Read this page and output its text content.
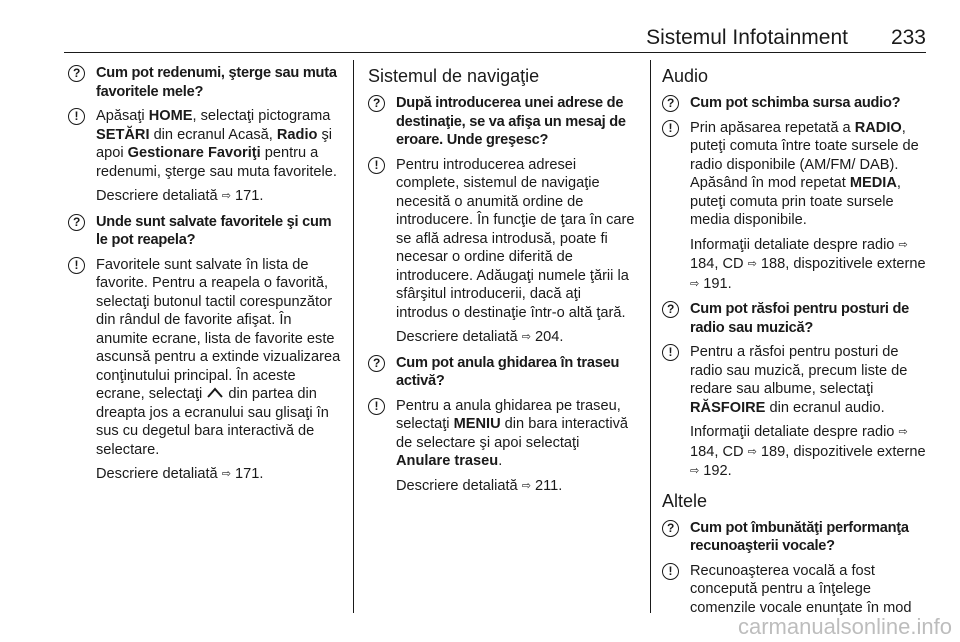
Sistemul Infotainment 233
?	Cum pot redenumi, şterge sau muta favoritele mele?
!	Apăsaţi HOME, selectaţi pictograma SETĂRI din ecranul Acasă, Radio şi apoi Gestionare Favoriţi pentru a redenumi, şterge sau muta favoritele.
Descriere detaliată ⇨ 171.
?	Unde sunt salvate favoritele şi cum le pot reapela?
!	Favoritele sunt salvate în lista de favorite. Pentru a reapela o favorită, selectaţi butonul tactil corespunzător din rândul de favorite afişat. În anumite ecrane, lista de favorite este ascunsă pentru a extinde vizualizarea conţinutului principal. În aceste ecrane, selectaţi din partea din dreapta jos a ecranului sau glisaţi în sus cu degetul bara interactivă de selectare.
Descriere detaliată ⇨ 171.
Sistemul de navigaţie
?	După introducerea unei adrese de destinaţie, se va afişa un mesaj de eroare. Unde greşesc?
!	Pentru introducerea adresei complete, sistemul de navigaţie necesită o anumită ordine de introducere. În funcţie de ţara în care se află adresa introdusă, poate fi necesar o ordine diferită de introducere. Adăugaţi numele ţării la sfârşitul introducerii, dacă aţi introdus o destinaţie într-o altă ţară.
Descriere detaliată ⇨ 204.
?	Cum pot anula ghidarea în traseu activă?
!	Pentru a anula ghidarea pe traseu, selectaţi MENIU din bara interactivă de selectare şi apoi selectaţi Anulare traseu.
Descriere detaliată ⇨ 211.
Audio
?	Cum pot schimba sursa audio?
!	Prin apăsarea repetată a RADIO, puteţi comuta între toate sursele de radio disponibile (AM/FM/ DAB). Apăsând în mod repetat MEDIA, puteţi comuta prin toate sursele media disponibile.
Informaţii detaliate despre radio ⇨ 184, CD ⇨ 188, dispozitivele externe ⇨ 191.
?	Cum pot răsfoi pentru posturi de radio sau muzică?
!	Pentru a răsfoi pentru posturi de radio sau muzică, precum liste de redare sau albume, selectaţi RĂSFOIRE din ecranul audio.
Informaţii detaliate despre radio ⇨ 184, CD ⇨ 189, dispozitivele externe ⇨ 192.
Altele
?	Cum pot îmbunătăţi performanţa recunoaşterii vocale?
!	Recunoaşterea vocală a fost concepută pentru a înţelege comenzile vocale enunţate în mod
carmanualsonline.info
